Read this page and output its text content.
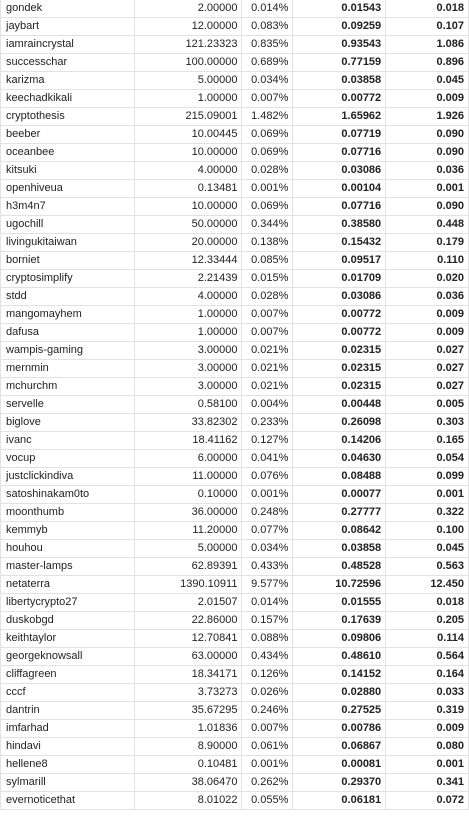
gondek	2.00000	0.014%	0.01543	0.018
jaybart	12.00000	0.083%	0.09259	0.107
iamraincrystal	121.23323	0.835%	0.93543	1.086
successchar	100.00000	0.689%	0.77159	0.896
karizma	5.00000	0.034%	0.03858	0.045
keechadkikali	1.00000	0.007%	0.00772	0.009
cryptothesis	215.09001	1.482%	1.65962	1.926
beeber	10.00445	0.069%	0.07719	0.090
oceanbee	10.00000	0.069%	0.07716	0.090
kitsuki	4.00000	0.028%	0.03086	0.036
openhiveua	0.13481	0.001%	0.00104	0.001
h3m4n7	10.00000	0.069%	0.07716	0.090
ugochill	50.00000	0.344%	0.38580	0.448
livingukitaiwan	20.00000	0.138%	0.15432	0.179
borniet	12.33444	0.085%	0.09517	0.110
cryptosimplify	2.21439	0.015%	0.01709	0.020
stdd	4.00000	0.028%	0.03086	0.036
mangomayhem	1.00000	0.007%	0.00772	0.009
dafusa	1.00000	0.007%	0.00772	0.009
wampis-gaming	3.00000	0.021%	0.02315	0.027
mernmin	3.00000	0.021%	0.02315	0.027
mchurchm	3.00000	0.021%	0.02315	0.027
servelle	0.58100	0.004%	0.00448	0.005
biglove	33.82302	0.233%	0.26098	0.303
ivanc	18.41162	0.127%	0.14206	0.165
vocup	6.00000	0.041%	0.04630	0.054
justclickindiva	11.00000	0.076%	0.08488	0.099
satoshinakam0to	0.10000	0.001%	0.00077	0.001
moonthumb	36.00000	0.248%	0.27777	0.322
kemmyb	11.20000	0.077%	0.08642	0.100
houhou	5.00000	0.034%	0.03858	0.045
master-lamps	62.89391	0.433%	0.48528	0.563
netaterra	1390.10911	9.577%	10.72596	12.450
libertycrypto27	2.01507	0.014%	0.01555	0.018
duskobgd	22.86000	0.157%	0.17639	0.205
keithtaylor	12.70841	0.088%	0.09806	0.114
georgeknowsall	63.00000	0.434%	0.48610	0.564
cliffagreen	18.34171	0.126%	0.14152	0.164
cccf	3.73273	0.026%	0.02880	0.033
dantrin	35.67295	0.246%	0.27525	0.319
imfarhad	1.01836	0.007%	0.00786	0.009
hindavi	8.90000	0.061%	0.06867	0.080
hellene8	0.10481	0.001%	0.00081	0.001
sylmarill	38.06470	0.262%	0.29370	0.341
evernoticethat	8.01022	0.055%	0.06181	0.072
